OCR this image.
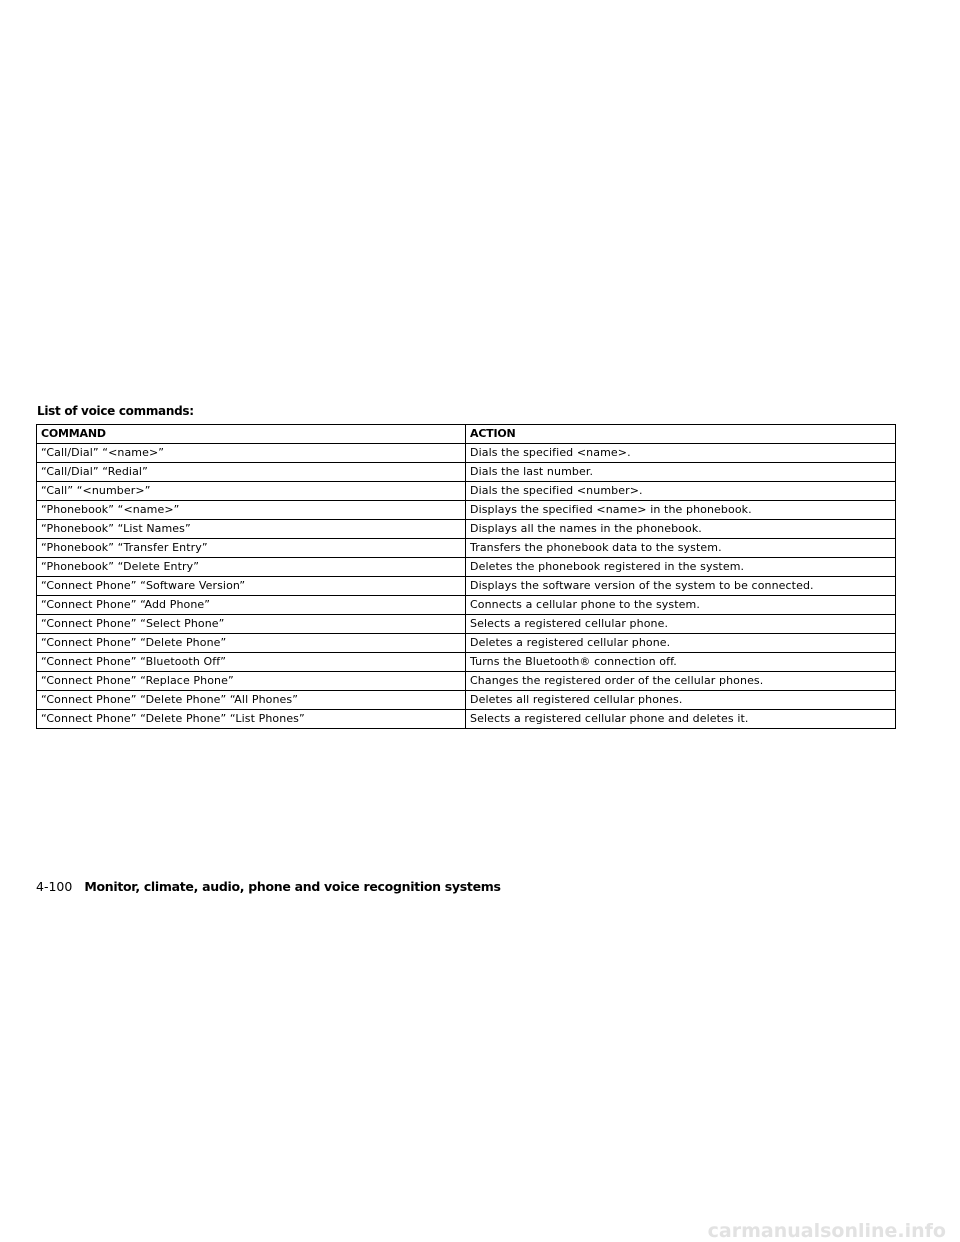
List of voice commands:
COMMAND	ACTION
“Call/Dial” “<name>”	Dials the specified <name>.
“Call/Dial” “Redial”	Dials the last number.
“Call” “<number>”	Dials the specified <number>.
“Phonebook” “<name>”	Displays the specified <name> in the phonebook.
“Phonebook” “List Names”	Displays all the names in the phonebook.
“Phonebook” “Transfer Entry”	Transfers the phonebook data to the system.
“Phonebook” “Delete Entry”	Deletes the phonebook registered in the system.
“Connect Phone” “Software Version”	Displays the software version of the system to be connected.
“Connect Phone” “Add Phone”	Connects a cellular phone to the system.
“Connect Phone” “Select Phone”	Selects a registered cellular phone.
“Connect Phone” “Delete Phone”	Deletes a registered cellular phone.
“Connect Phone” “Bluetooth Off”	Turns the Bluetooth® connection off.
“Connect Phone” “Replace Phone”	Changes the registered order of the cellular phones.
“Connect Phone” “Delete Phone” “All Phones”	Deletes all registered cellular phones.
“Connect Phone” “Delete Phone” “List Phones”	Selects a registered cellular phone and deletes it.
4-100 Monitor, climate, audio, phone and voice recognition systems
carmanualsonline.info
